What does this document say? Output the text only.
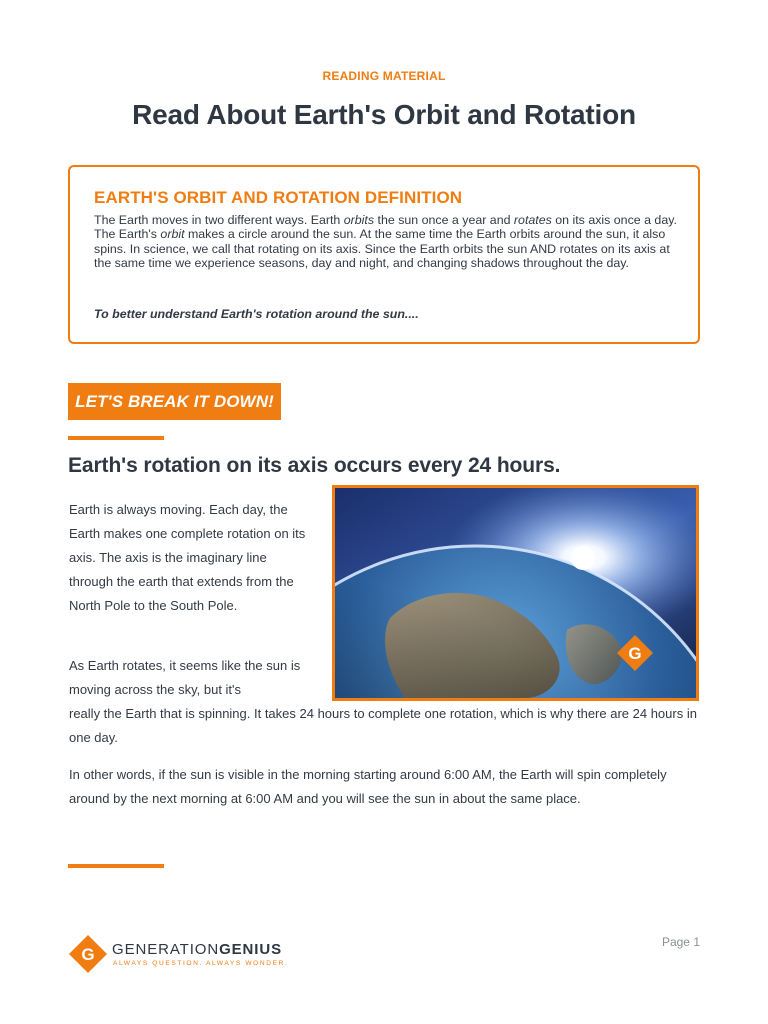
READING MATERIAL
Read About Earth's Orbit and Rotation
EARTH'S ORBIT AND ROTATION DEFINITION

The Earth moves in two different ways. Earth orbits the sun once a year and rotates on its axis once a day. The Earth's orbit makes a circle around the sun. At the same time the Earth orbits around the sun, it also spins. In science, we call that rotating on its axis. Since the Earth orbits the sun AND rotates on its axis at the same time we experience seasons, day and night, and changing shadows throughout the day.

To better understand Earth's rotation around the sun....
LET'S BREAK IT DOWN!
Earth's rotation on its axis occurs every 24 hours.

Earth is always moving. Each day, the Earth makes one complete rotation on its axis. The axis is the imaginary line through the earth that extends from the North Pole to the South Pole.

G

As Earth rotates, it seems like the sun is moving across the sky, but it's

really the Earth that is spinning. It takes 24 hours to complete one rotation, which is why there are 24 hours in one day.

In other words, if the sun is visible in the morning starting around 6:00 AM, the Earth will spin completely around by the next morning at 6:00 AM and you will see the sun in about the same place.

G GENERATIONGENIUS
ALWAYS QUESTION. ALWAYS WONDER.
Page 1
